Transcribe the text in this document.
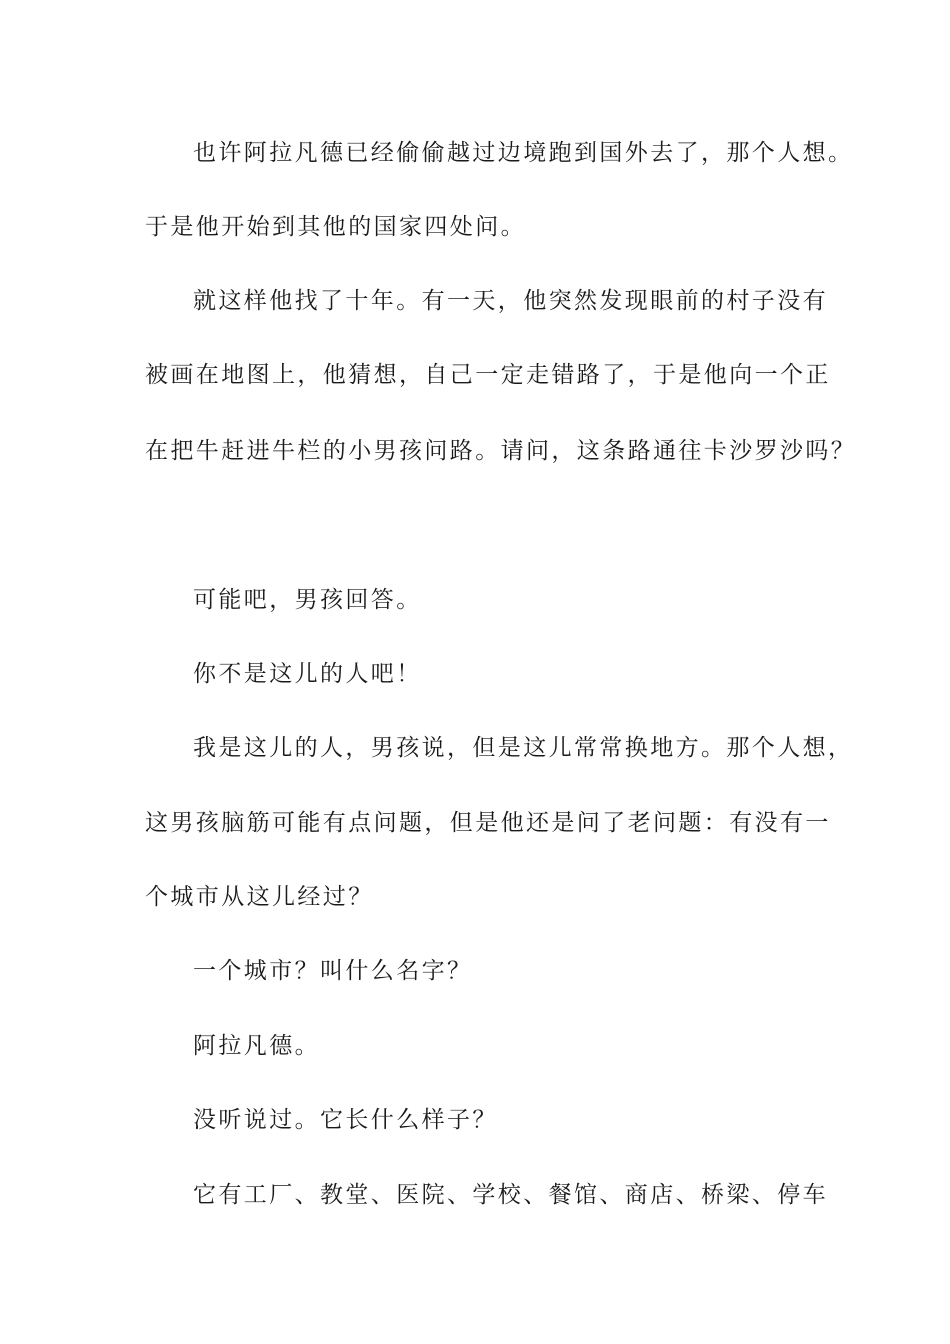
也许阿拉凡德已经偷偷越过边境跑到国外去了，那个人想。
于是他开始到其他的国家四处问。
就这样他找了十年。有一天，他突然发现眼前的村子没有
被画在地图上，他猜想，自己一定走错路了，于是他向一个正
在把牛赶进牛栏的小男孩问路。请问，这条路通往卡沙罗沙吗？
可能吧，男孩回答。
你不是这儿的人吧！
我是这儿的人，男孩说，但是这儿常常换地方。那个人想，
这男孩脑筋可能有点问题，但是他还是问了老问题：有没有一
个城市从这儿经过？
一个城市？叫什么名字？
阿拉凡德。
没听说过。它长什么样子？
它有工厂、教堂、医院、学校、餐馆、商店、桥梁、停车
